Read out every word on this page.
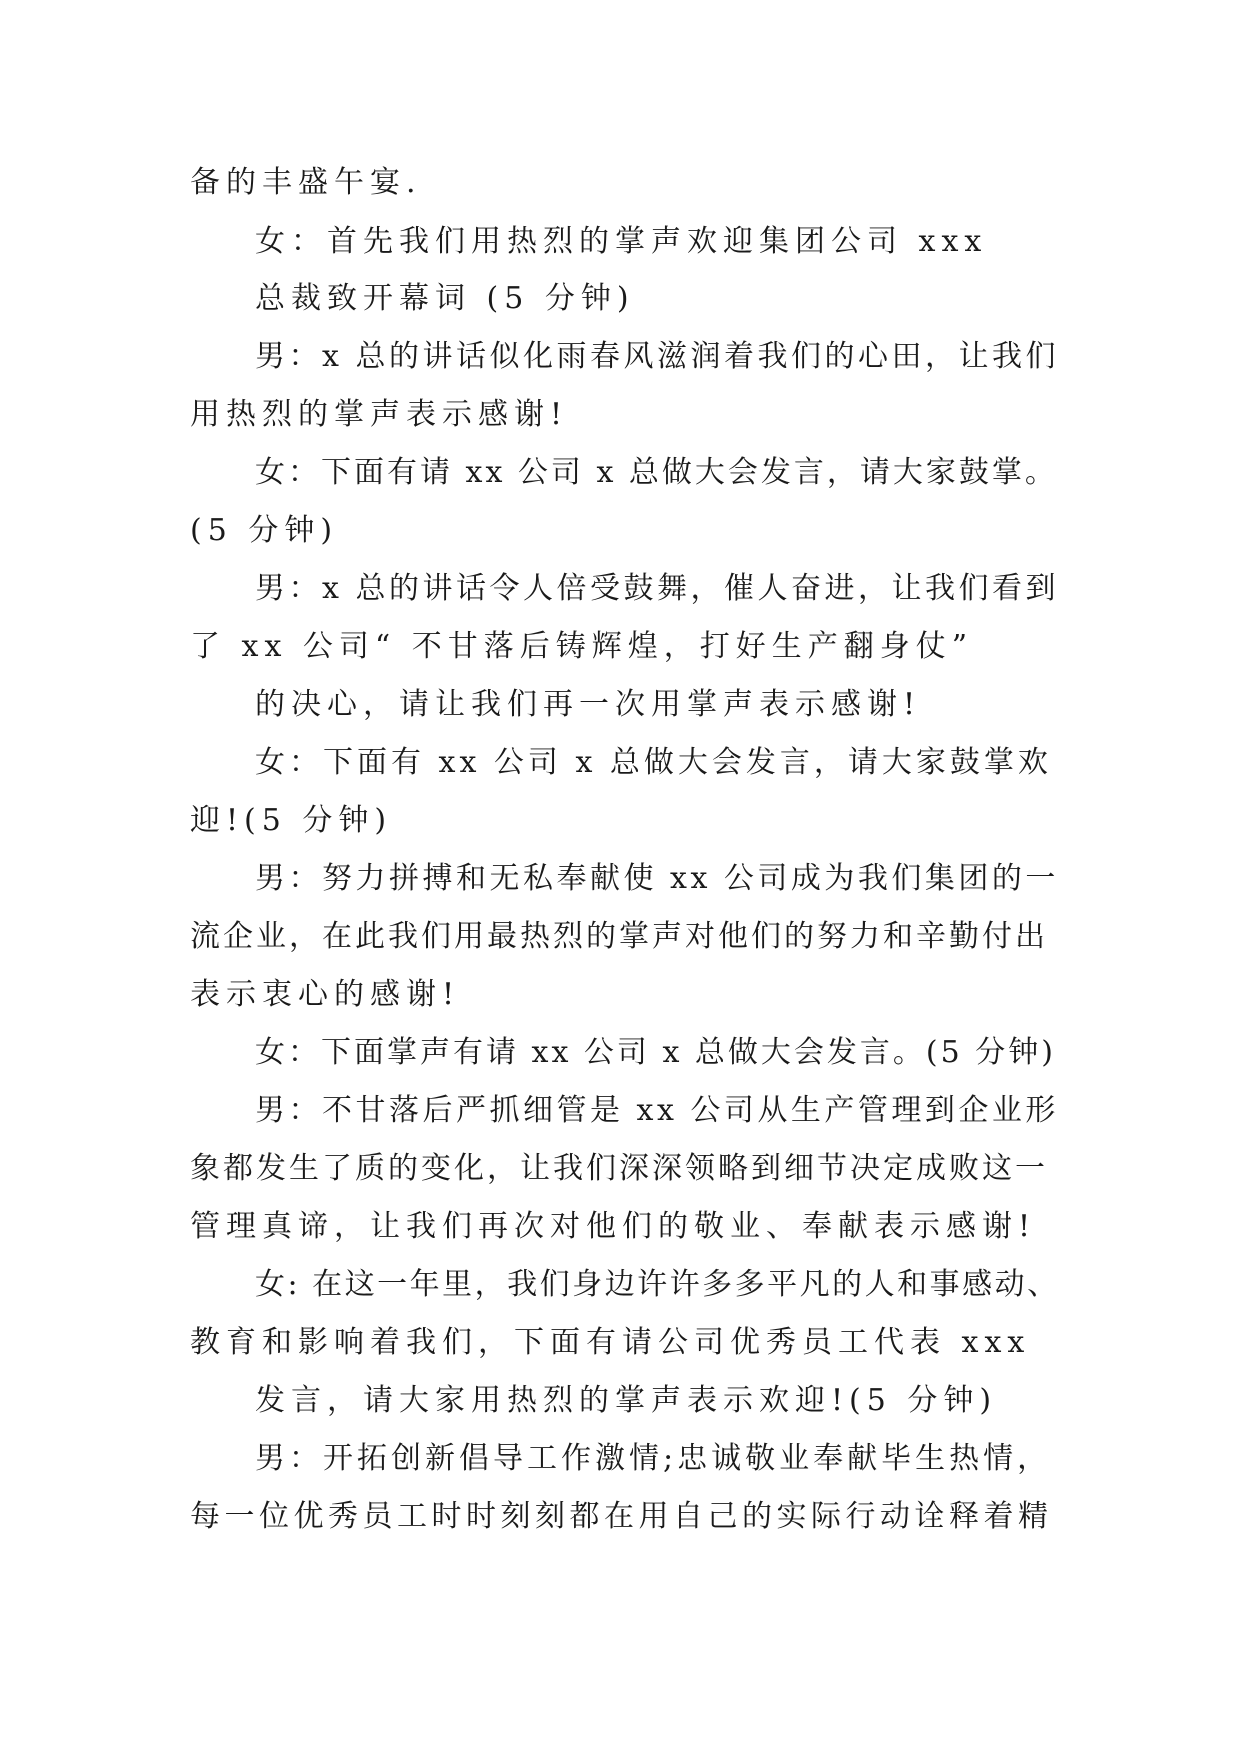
备的丰盛午宴.
女：首先我们用热烈的掌声欢迎集团公司 xxx
总裁致开幕词 (5 分钟)
男：x 总的讲话似化雨春风滋润着我们的心田，让我们
用热烈的掌声表示感谢!
女：下面有请 xx 公司 x 总做大会发言，请大家鼓掌。
(5 分钟)
男：x 总的讲话令人倍受鼓舞，催人奋进，让我们看到
了 xx 公司“ 不甘落后铸辉煌，打好生产翻身仗”
的决心，请让我们再一次用掌声表示感谢!
女：下面有 xx 公司 x 总做大会发言，请大家鼓掌欢
迎!(5 分钟)
男：努力拼搏和无私奉献使 xx 公司成为我们集团的一
流企业，在此我们用最热烈的掌声对他们的努力和辛勤付出
表示衷心的感谢!
女：下面掌声有请 xx 公司 x 总做大会发言。(5 分钟)
男：不甘落后严抓细管是 xx 公司从生产管理到企业形
象都发生了质的变化，让我们深深领略到细节决定成败这一
管理真谛，让我们再次对他们的敬业、奉献表示感谢!
女: 在这一年里，我们身边许许多多平凡的人和事感动、
教育和影响着我们，下面有请公司优秀员工代表 xxx
发言，请大家用热烈的掌声表示欢迎!(5 分钟)
男：开拓创新倡导工作激情;忠诚敬业奉献毕生热情，
每一位优秀员工时时刻刻都在用自己的实际行动诠释着精
